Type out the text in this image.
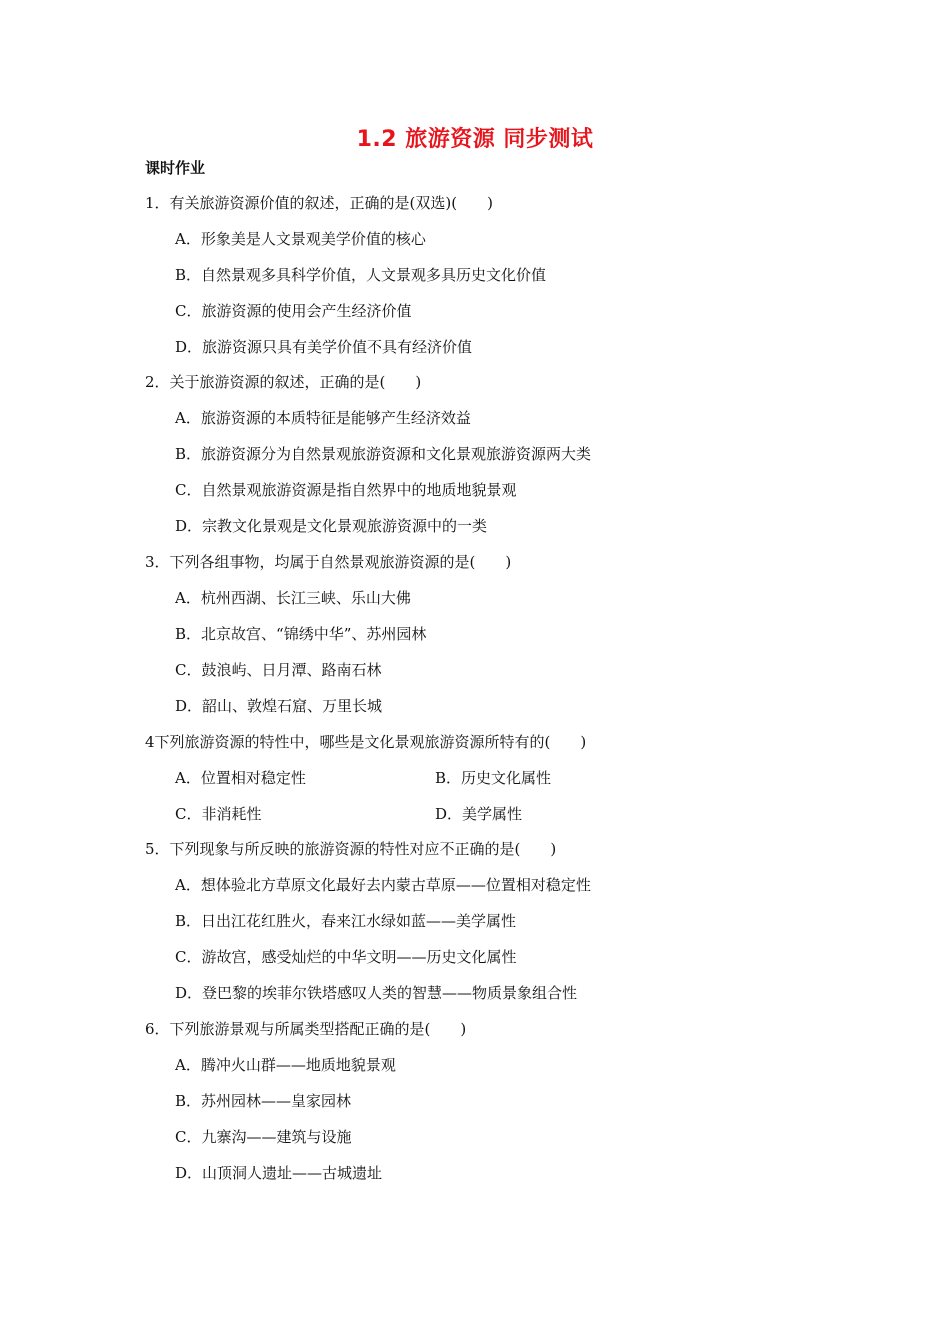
1.2 旅游资源 同步测试
课时作业
1．有关旅游资源价值的叙述，正确的是(双选)(　　)
A．形象美是人文景观美学价值的核心
B．自然景观多具科学价值，人文景观多具历史文化价值
C．旅游资源的使用会产生经济价值
D．旅游资源只具有美学价值不具有经济价值
2．关于旅游资源的叙述，正确的是(　　)
A．旅游资源的本质特征是能够产生经济效益
B．旅游资源分为自然景观旅游资源和文化景观旅游资源两大类
C．自然景观旅游资源是指自然界中的地质地貌景观
D．宗教文化景观是文化景观旅游资源中的一类
3．下列各组事物，均属于自然景观旅游资源的是(　　)
A．杭州西湖、长江三峡、乐山大佛
B．北京故宫、“锦绣中华”、苏州园林
C．鼓浪屿、日月潭、路南石林
D．韶山、敦煌石窟、万里长城
4下列旅游资源的特性中，哪些是文化景观旅游资源所特有的(　　)
A．位置相对稳定性	B．历史文化属性
C．非消耗性	D．美学属性
5．下列现象与所反映的旅游资源的特性对应不正确的是(　　)
A．想体验北方草原文化最好去内蒙古草原——位置相对稳定性
B．日出江花红胜火，春来江水绿如蓝——美学属性
C．游故宫，感受灿烂的中华文明——历史文化属性
D．登巴黎的埃菲尔铁塔感叹人类的智慧——物质景象组合性
6．下列旅游景观与所属类型搭配正确的是(　　)
A．腾冲火山群——地质地貌景观
B．苏州园林——皇家园林
C．九寨沟——建筑与设施
D．山顶洞人遗址——古城遗址
